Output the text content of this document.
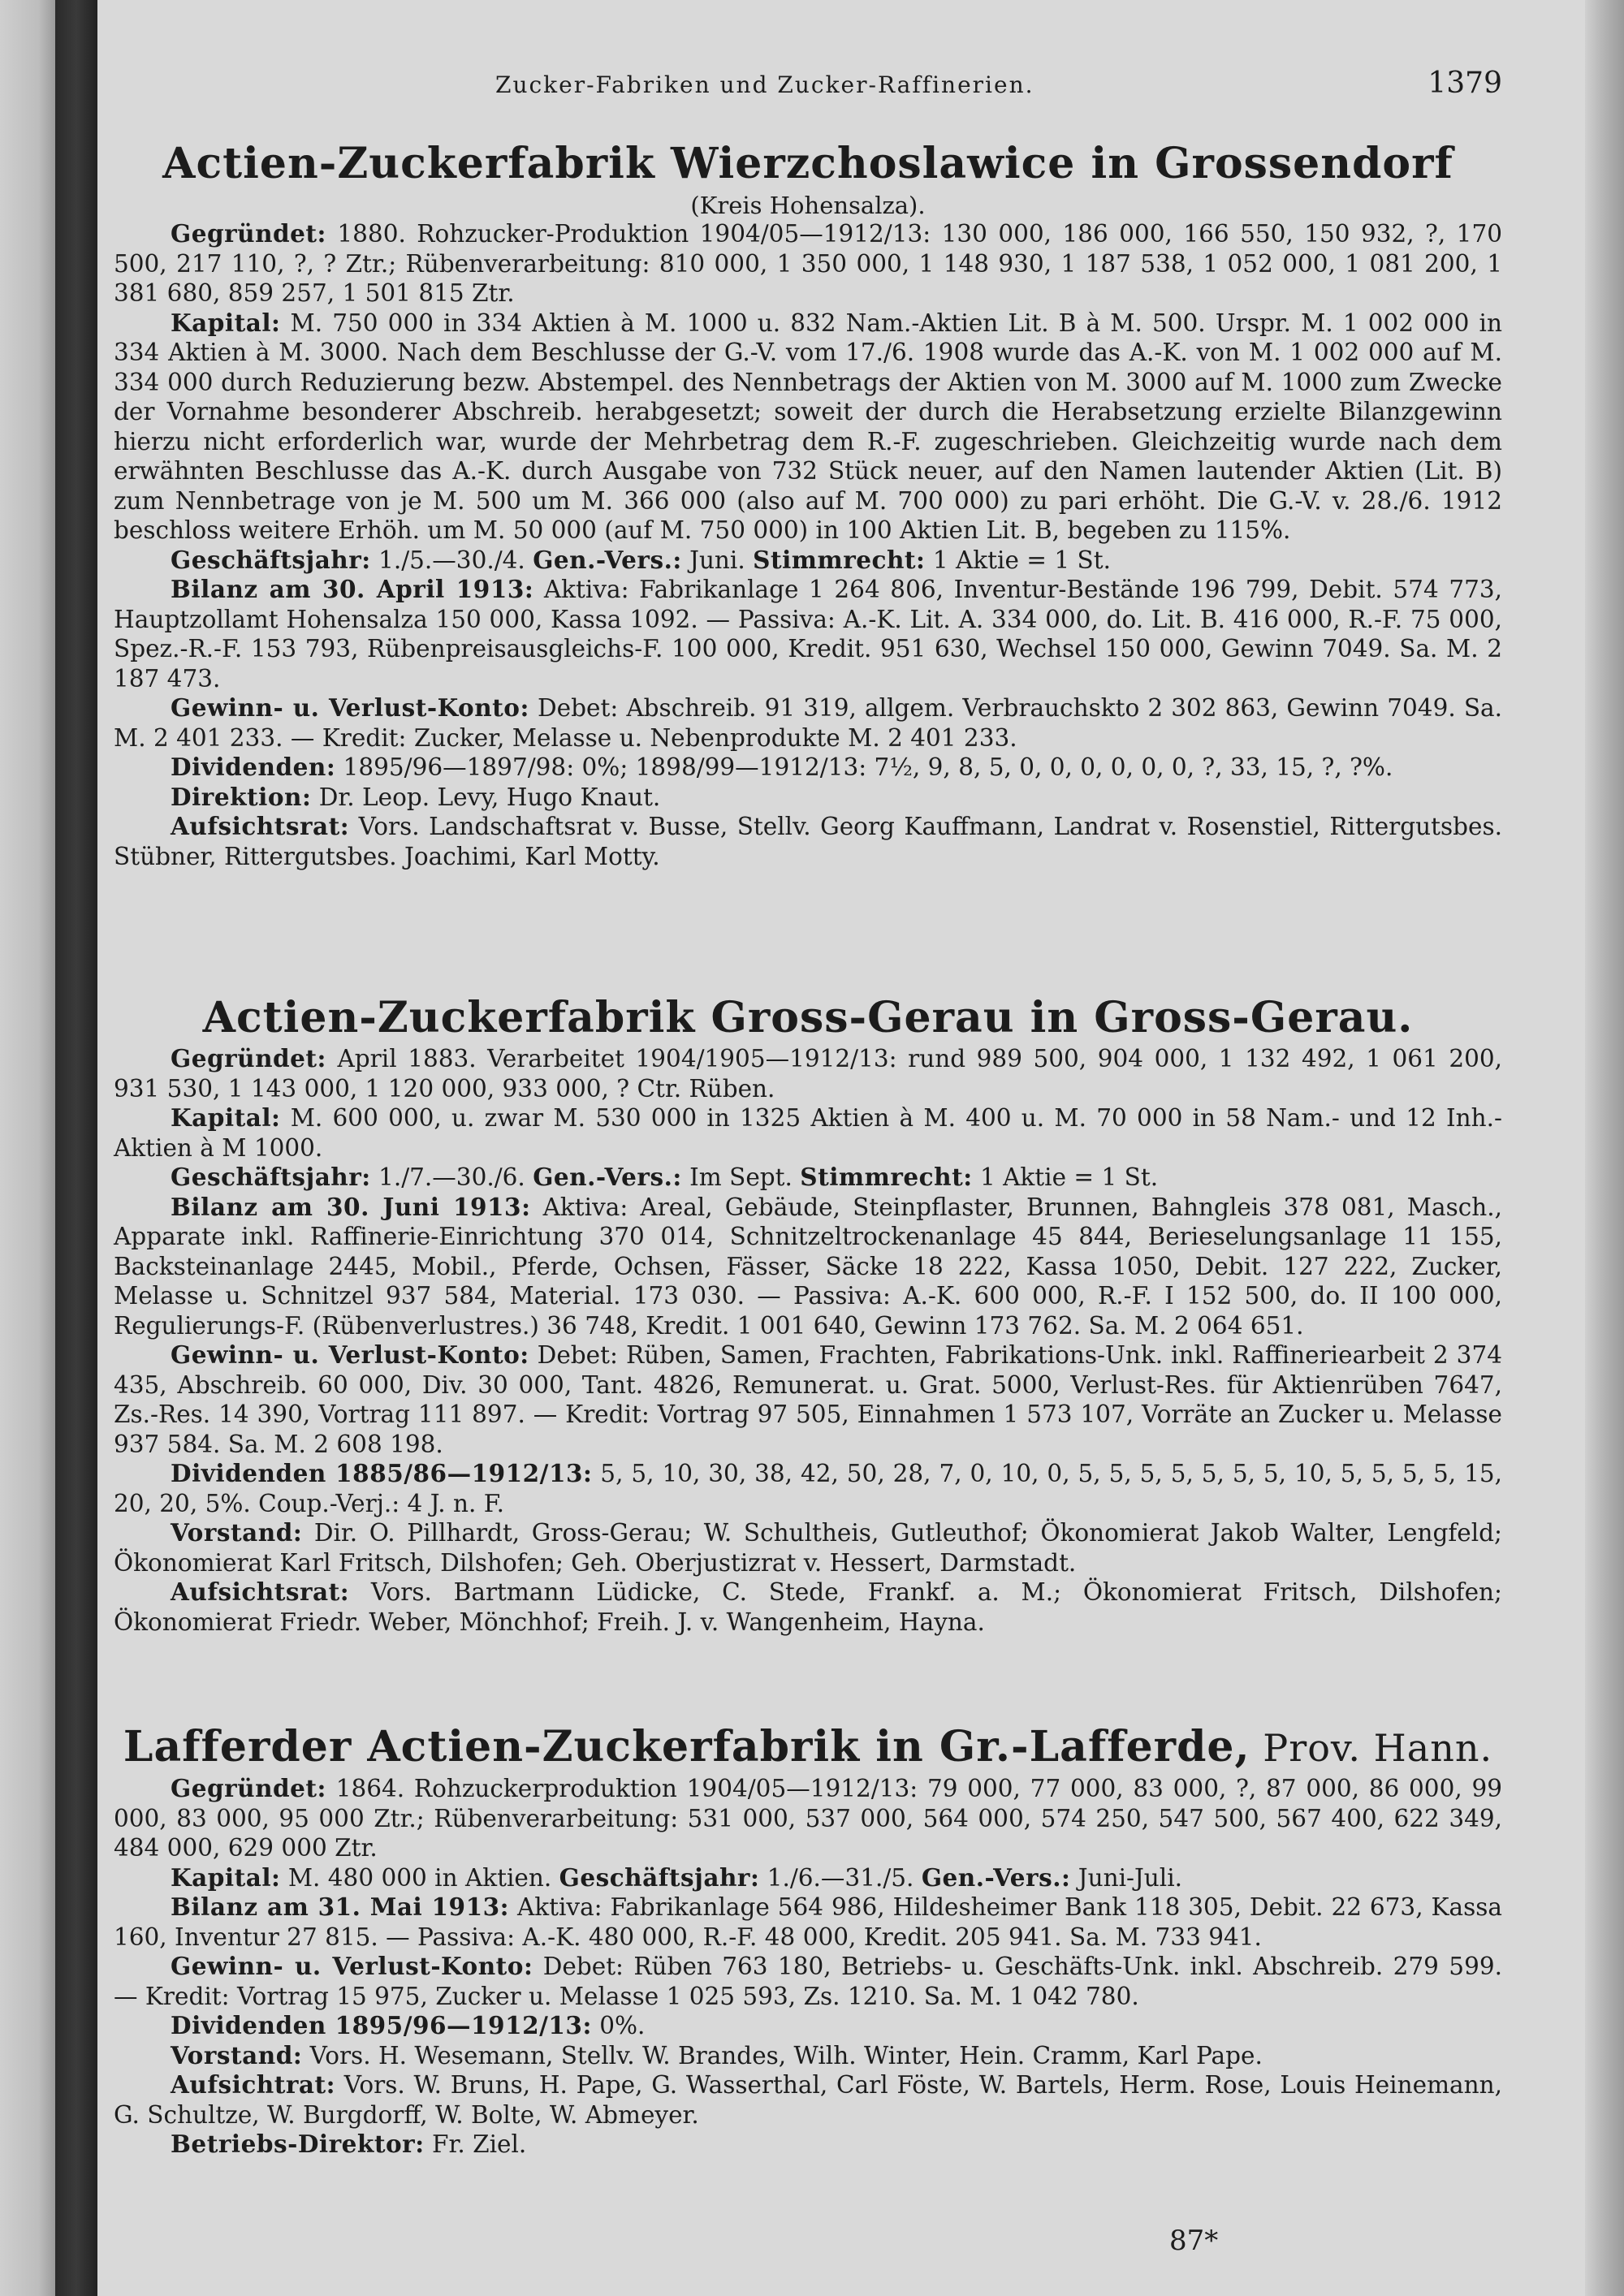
Zucker-Fabriken und Zucker-Raffinerien.	1379
Actien-Zuckerfabrik Wierzchoslawice in Grossendorf
(Kreis Hohensalza).

Gegründet: 1880. Rohzucker-Produktion 1904/05—1912/13: 130 000, 186 000, 166 550, 150 932, ?, 170 500, 217 110, ?, ? Ztr.; Rübenverarbeitung: 810 000, 1 350 000, 1 148 930, 1 187 538, 1 052 000, 1 081 200, 1 381 680, 859 257, 1 501 815 Ztr.

Kapital: M. 750 000 in 334 Aktien à M. 1000 u. 832 Nam.-Aktien Lit. B à M. 500. Urspr. M. 1 002 000 in 334 Aktien à M. 3000. Nach dem Beschlusse der G.-V. vom 17./6. 1908 wurde das A.-K. von M. 1 002 000 auf M. 334 000 durch Reduzierung bezw. Abstempel. des Nennbetrags der Aktien von M. 3000 auf M. 1000 zum Zwecke der Vornahme besonderer Abschreib. herabgesetzt; soweit der durch die Herabsetzung erzielte Bilanzgewinn hierzu nicht erforderlich war, wurde der Mehrbetrag dem R.-F. zugeschrieben. Gleichzeitig wurde nach dem erwähnten Beschlusse das A.-K. durch Ausgabe von 732 Stück neuer, auf den Namen lautender Aktien (Lit. B) zum Nennbetrage von je M. 500 um M. 366 000 (also auf M. 700 000) zu pari erhöht. Die G.-V. v. 28./6. 1912 beschloss weitere Erhöh. um M. 50 000 (auf M. 750 000) in 100 Aktien Lit. B, begeben zu 115%.

Geschäftsjahr: 1./5.—30./4. Gen.-Vers.: Juni. Stimmrecht: 1 Aktie = 1 St.

Bilanz am 30. April 1913: Aktiva: Fabrikanlage 1 264 806, Inventur-Bestände 196 799, Debit. 574 773, Hauptzollamt Hohensalza 150 000, Kassa 1092. — Passiva: A.-K. Lit. A. 334 000, do. Lit. B. 416 000, R.-F. 75 000, Spez.-R.-F. 153 793, Rübenpreisausgleichs-F. 100 000, Kredit. 951 630, Wechsel 150 000, Gewinn 7049. Sa. M. 2 187 473.

Gewinn- u. Verlust-Konto: Debet: Abschreib. 91 319, allgem. Verbrauchskto 2 302 863, Gewinn 7049. Sa. M. 2 401 233. — Kredit: Zucker, Melasse u. Nebenprodukte M. 2 401 233.

Dividenden: 1895/96—1897/98: 0%; 1898/99—1912/13: 7½, 9, 8, 5, 0, 0, 0, 0, 0, 0, ?, 33, 15, ?, ?%.

Direktion: Dr. Leop. Levy, Hugo Knaut.

Aufsichtsrat: Vors. Landschaftsrat v. Busse, Stellv. Georg Kauffmann, Landrat v. Rosenstiel, Rittergutsbes. Stübner, Rittergutsbes. Joachimi, Karl Motty.

Actien-Zuckerfabrik Gross-Gerau in Gross-Gerau.

Gegründet: April 1883. Verarbeitet 1904/1905—1912/13: rund 989 500, 904 000, 1 132 492, 1 061 200, 931 530, 1 143 000, 1 120 000, 933 000, ? Ctr. Rüben.

Kapital: M. 600 000, u. zwar M. 530 000 in 1325 Aktien à M. 400 u. M. 70 000 in 58 Nam.- und 12 Inh.-Aktien à M 1000.

Geschäftsjahr: 1./7.—30./6. Gen.-Vers.: Im Sept. Stimmrecht: 1 Aktie = 1 St.

Bilanz am 30. Juni 1913: Aktiva: Areal, Gebäude, Steinpflaster, Brunnen, Bahngleis 378 081, Masch., Apparate inkl. Raffinerie-Einrichtung 370 014, Schnitzeltrockenanlage 45 844, Berieselungsanlage 11 155, Backsteinanlage 2445, Mobil., Pferde, Ochsen, Fässer, Säcke 18 222, Kassa 1050, Debit. 127 222, Zucker, Melasse u. Schnitzel 937 584, Material. 173 030. — Passiva: A.-K. 600 000, R.-F. I 152 500, do. II 100 000, Regulierungs-F. (Rübenverlustres.) 36 748, Kredit. 1 001 640, Gewinn 173 762. Sa. M. 2 064 651.

Gewinn- u. Verlust-Konto: Debet: Rüben, Samen, Frachten, Fabrikations-Unk. inkl. Raffineriearbeit 2 374 435, Abschreib. 60 000, Div. 30 000, Tant. 4826, Remunerat. u. Grat. 5000, Verlust-Res. für Aktienrüben 7647, Zs.-Res. 14 390, Vortrag 111 897. — Kredit: Vortrag 97 505, Einnahmen 1 573 107, Vorräte an Zucker u. Melasse 937 584. Sa. M. 2 608 198.

Dividenden 1885/86—1912/13: 5, 5, 10, 30, 38, 42, 50, 28, 7, 0, 10, 0, 5, 5, 5, 5, 5, 5, 5, 10, 5, 5, 5, 5, 15, 20, 20, 5%. Coup.-Verj.: 4 J. n. F.

Vorstand: Dir. O. Pillhardt, Gross-Gerau; W. Schultheis, Gutleuthof; Ökonomierat Jakob Walter, Lengfeld; Ökonomierat Karl Fritsch, Dilshofen; Geh. Oberjustizrat v. Hessert, Darmstadt.

Aufsichtsrat: Vors. Bartmann Lüdicke, C. Stede, Frankf. a. M.; Ökonomierat Fritsch, Dilshofen; Ökonomierat Friedr. Weber, Mönchhof; Freih. J. v. Wangenheim, Hayna.

Lafferder Actien-Zuckerfabrik in Gr.-Lafferde, Prov. Hann.

Gegründet: 1864. Rohzuckerproduktion 1904/05—1912/13: 79 000, 77 000, 83 000, ?, 87 000, 86 000, 99 000, 83 000, 95 000 Ztr.; Rübenverarbeitung: 531 000, 537 000, 564 000, 574 250, 547 500, 567 400, 622 349, 484 000, 629 000 Ztr.

Kapital: M. 480 000 in Aktien. Geschäftsjahr: 1./6.—31./5. Gen.-Vers.: Juni-Juli.

Bilanz am 31. Mai 1913: Aktiva: Fabrikanlage 564 986, Hildesheimer Bank 118 305, Debit. 22 673, Kassa 160, Inventur 27 815. — Passiva: A.-K. 480 000, R.-F. 48 000, Kredit. 205 941. Sa. M. 733 941.

Gewinn- u. Verlust-Konto: Debet: Rüben 763 180, Betriebs- u. Geschäfts-Unk. inkl. Abschreib. 279 599. — Kredit: Vortrag 15 975, Zucker u. Melasse 1 025 593, Zs. 1210. Sa. M. 1 042 780.

Dividenden 1895/96—1912/13: 0%.

Vorstand: Vors. H. Wesemann, Stellv. W. Brandes, Wilh. Winter, Hein. Cramm, Karl Pape.

Aufsichtrat: Vors. W. Bruns, H. Pape, G. Wasserthal, Carl Föste, W. Bartels, Herm. Rose, Louis Heinemann, G. Schultze, W. Burgdorff, W. Bolte, W. Abmeyer.

Betriebs-Direktor: Fr. Ziel.

87*
